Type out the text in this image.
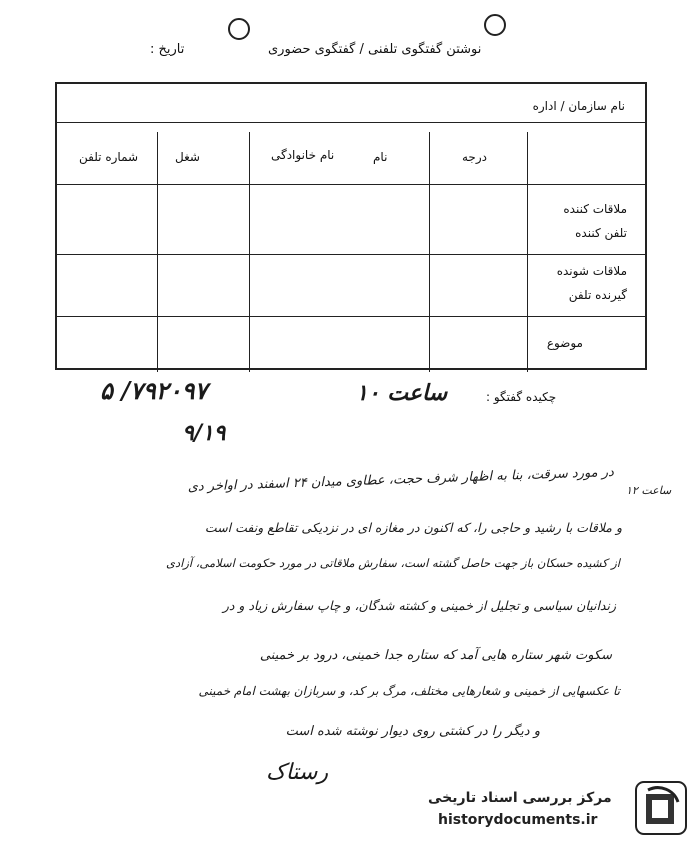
تاریخ :	نوشتن گفتگوی تلفنی / گفتگوی حضوری
نام سازمان / اداره
درجه
نام
نام خانوادگی
شغل
شماره تلفن
ملاقات کننده
تلفن کننده
ملاقات شونده
گیرنده تلفن
موضوع
چکیده گفتگو :
۷۹۲۰۹۷/ ۵
۹/۱۹
ساعت ۱۰
ساعت ۱۲
در مورد سرقت، بنا به اظهار شرف حجت، عطاوی میدان ۲۴ اسفند در اواخر دی
و ملاقات با رشید و حاجی را، که اکنون در مغازه ای در نزدیکی تقاطع ونفت است
از کشیده حسکان باز جهت حاصل گشته است، سفارش ملاقاتی در مورد حکومت اسلامی، آزادی
زندانیان سیاسی و تجلیل از خمینی و کشته شدگان، و چاپ سفارش زیاد و در
سکوت شهر ستاره هایی آمد که ستاره جدا خمینی، درود بر خمینی
تا عکسهایی از خمینی و شعارهایی مختلف، مرگ بر کد، و سربازان بهشت امام خمینی
و دیگر را در کشتی روی دیوار نوشته شده است
رستاک
مرکز بررسی اسناد تاریخی
historydocuments.ir
